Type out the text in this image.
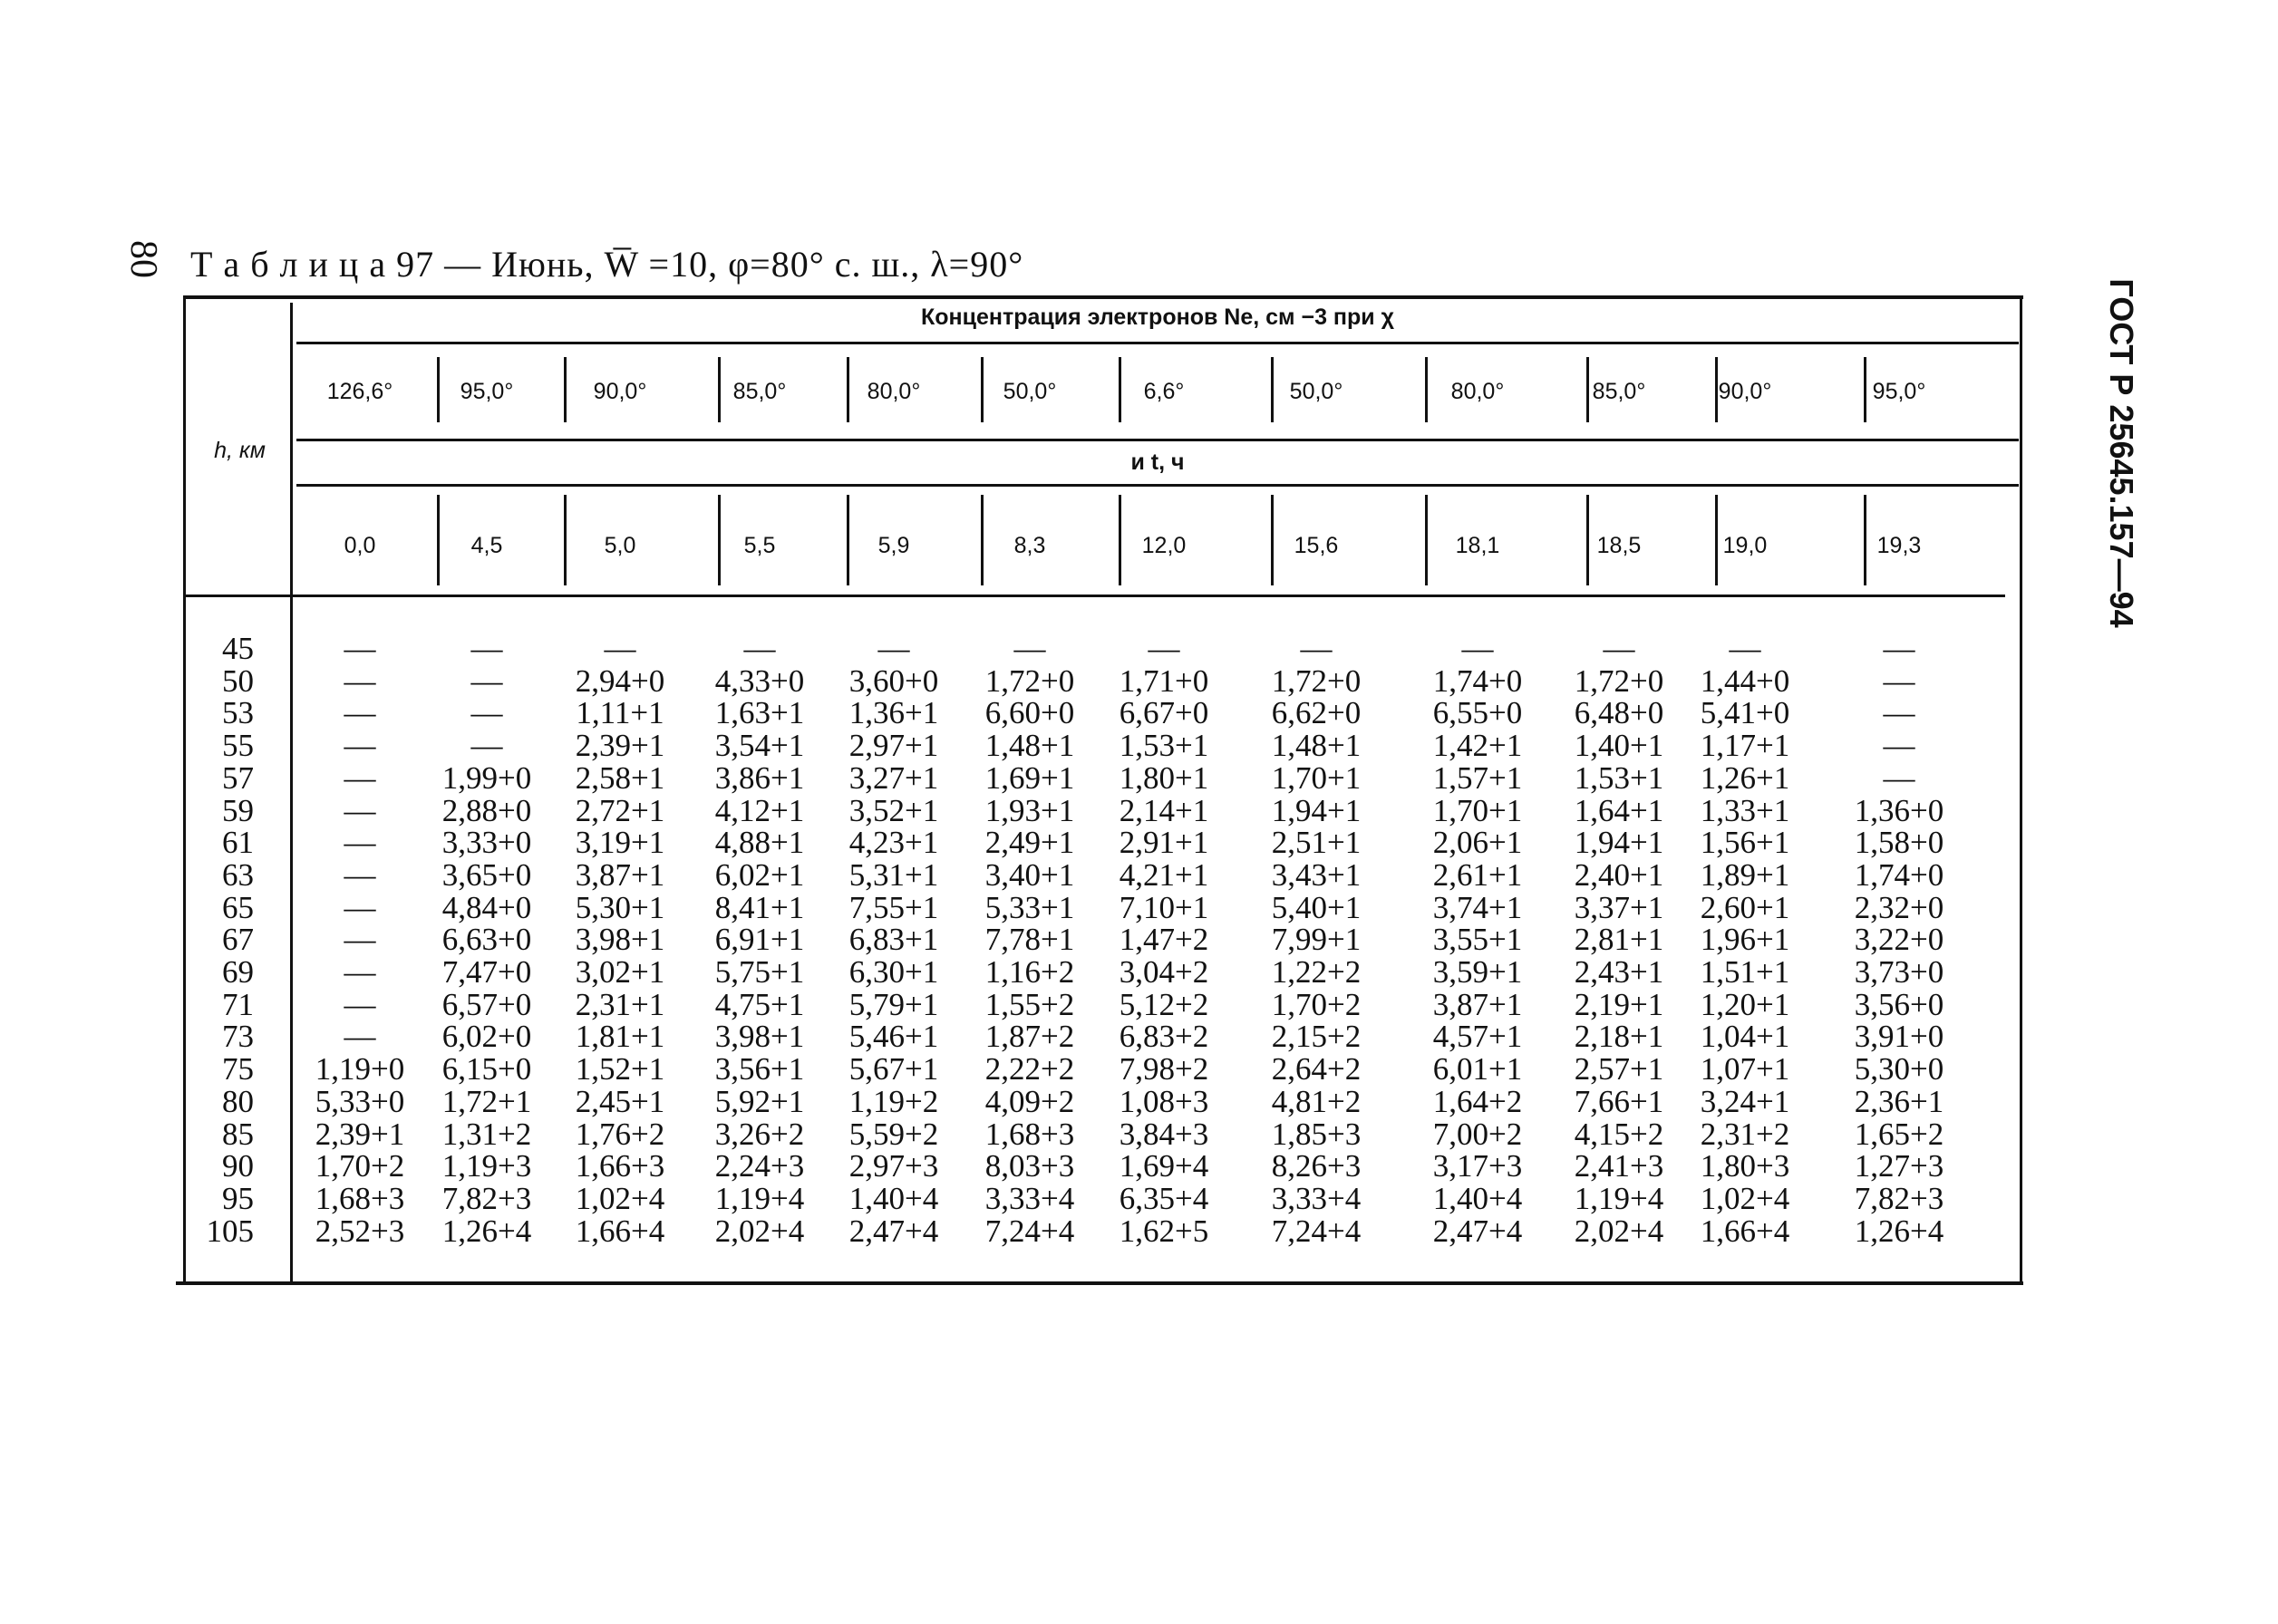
80 Т а б л и ц а 97 — Июнь, W̅ =10, φ=80° с. ш., λ=90°
ГОСТ Р 25645.157—94
h, км
Концентрация электронов Ne, см −3 при χ
и t, ч
126,6°	95,0°	90,0°	85,0°	80,0°	50,0°	6,6°	50,0°	80,0°	85,0°	90,0°	95,0°
0,0	4,5	5,0	5,5	5,9	8,3	12,0	15,6	18,1	18,5	19,0	19,3
45	—	—	—	—	—	—	—	—	—	—	—	—
50	—	—	2,94+0	4,33+0	3,60+0	1,72+0	1,71+0	1,72+0	1,74+0	1,72+0	1,44+0	—
53	—	—	1,11+1	1,63+1	1,36+1	6,60+0	6,67+0	6,62+0	6,55+0	6,48+0	5,41+0	—
55	—	—	2,39+1	3,54+1	2,97+1	1,48+1	1,53+1	1,48+1	1,42+1	1,40+1	1,17+1	—
57	—	1,99+0	2,58+1	3,86+1	3,27+1	1,69+1	1,80+1	1,70+1	1,57+1	1,53+1	1,26+1	—
59	—	2,88+0	2,72+1	4,12+1	3,52+1	1,93+1	2,14+1	1,94+1	1,70+1	1,64+1	1,33+1	1,36+0
61	—	3,33+0	3,19+1	4,88+1	4,23+1	2,49+1	2,91+1	2,51+1	2,06+1	1,94+1	1,56+1	1,58+0
63	—	3,65+0	3,87+1	6,02+1	5,31+1	3,40+1	4,21+1	3,43+1	2,61+1	2,40+1	1,89+1	1,74+0
65	—	4,84+0	5,30+1	8,41+1	7,55+1	5,33+1	7,10+1	5,40+1	3,74+1	3,37+1	2,60+1	2,32+0
67	—	6,63+0	3,98+1	6,91+1	6,83+1	7,78+1	1,47+2	7,99+1	3,55+1	2,81+1	1,96+1	3,22+0
69	—	7,47+0	3,02+1	5,75+1	6,30+1	1,16+2	3,04+2	1,22+2	3,59+1	2,43+1	1,51+1	3,73+0
71	—	6,57+0	2,31+1	4,75+1	5,79+1	1,55+2	5,12+2	1,70+2	3,87+1	2,19+1	1,20+1	3,56+0
73	—	6,02+0	1,81+1	3,98+1	5,46+1	1,87+2	6,83+2	2,15+2	4,57+1	2,18+1	1,04+1	3,91+0
75	1,19+0	6,15+0	1,52+1	3,56+1	5,67+1	2,22+2	7,98+2	2,64+2	6,01+1	2,57+1	1,07+1	5,30+0
80	5,33+0	1,72+1	2,45+1	5,92+1	1,19+2	4,09+2	1,08+3	4,81+2	1,64+2	7,66+1	3,24+1	2,36+1
85	2,39+1	1,31+2	1,76+2	3,26+2	5,59+2	1,68+3	3,84+3	1,85+3	7,00+2	4,15+2	2,31+2	1,65+2
90	1,70+2	1,19+3	1,66+3	2,24+3	2,97+3	8,03+3	1,69+4	8,26+3	3,17+3	2,41+3	1,80+3	1,27+3
95	1,68+3	7,82+3	1,02+4	1,19+4	1,40+4	3,33+4	6,35+4	3,33+4	1,40+4	1,19+4	1,02+4	7,82+3
105	2,52+3	1,26+4	1,66+4	2,02+4	2,47+4	7,24+4	1,62+5	7,24+4	2,47+4	2,02+4	1,66+4	1,26+4
